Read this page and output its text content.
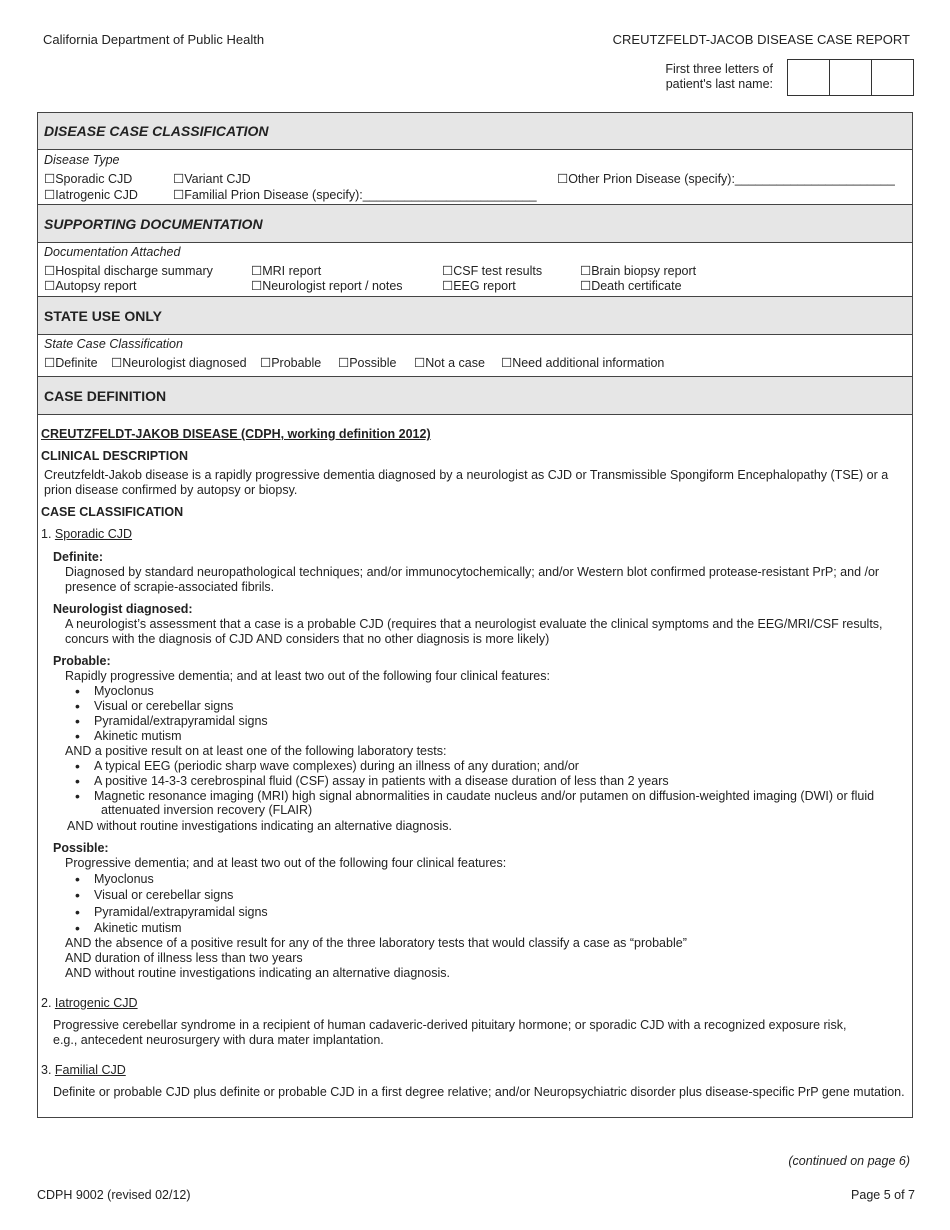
California Department of Public Health	CREUTZFELDT-JACOB DISEASE CASE REPORT
First three letters of
patient's last name:
DISEASE CASE CLASSIFICATION
Disease Type
☐Sporadic CJD	☐Variant CJD	☐Other Prion Disease (specify):_______________________
☐Iatrogenic CJD	☐Familial Prion Disease (specify):_________________________
SUPPORTING DOCUMENTATION
Documentation Attached
☐Hospital discharge summary	☐MRI report	☐CSF test results	☐Brain biopsy report
☐Autopsy report	☐Neurologist report / notes	☐EEG report	☐Death certificate
STATE USE ONLY
State Case Classification
☐Definite ☐Neurologist diagnosed ☐Probable ☐Possible ☐Not a case ☐Need additional information
CASE DEFINITION
CREUTZFELDT-JAKOB DISEASE (CDPH, working definition 2012)
CLINICAL DESCRIPTION
Creutzfeldt-Jakob disease is a rapidly progressive dementia diagnosed by a neurologist as CJD or Transmissible Spongiform Encephalopathy (TSE) or a
prion disease confirmed by autopsy or biopsy.
CASE CLASSIFICATION
1. Sporadic CJD
Definite:
Diagnosed by standard neuropathological techniques; and/or immunocytochemically; and/or Western blot confirmed protease-resistant PrP; and /or
presence of scrapie-associated fibrils.
Neurologist diagnosed:
A neurologist’s assessment that a case is a probable CJD (requires that a neurologist evaluate the clinical symptoms and the EEG/MRI/CSF results,
concurs with the diagnosis of CJD AND considers that no other diagnosis is more likely)
Probable:
Rapidly progressive dementia; and at least two out of the following four clinical features:
• Myoclonus
• Visual or cerebellar signs
• Pyramidal/extrapyramidal signs
• Akinetic mutism
AND a positive result on at least one of the following laboratory tests:
• A typical EEG (periodic sharp wave complexes) during an illness of any duration; and/or
• A positive 14-3-3 cerebrospinal fluid (CSF) assay in patients with a disease duration of less than 2 years
• Magnetic resonance imaging (MRI) high signal abnormalities in caudate nucleus and/or putamen on diffusion-weighted imaging (DWI) or fluid
attenuated inversion recovery (FLAIR)
AND without routine investigations indicating an alternative diagnosis.
Possible:
Progressive dementia; and at least two out of the following four clinical features:
• Myoclonus
• Visual or cerebellar signs
• Pyramidal/extrapyramidal signs
• Akinetic mutism
AND the absence of a positive result for any of the three laboratory tests that would classify a case as “probable”
AND duration of illness less than two years
AND without routine investigations indicating an alternative diagnosis.
2. Iatrogenic CJD
Progressive cerebellar syndrome in a recipient of human cadaveric-derived pituitary hormone; or sporadic CJD with a recognized exposure risk,
e.g., antecedent neurosurgery with dura mater implantation.
3. Familial CJD
Definite or probable CJD plus definite or probable CJD in a first degree relative; and/or Neuropsychiatric disorder plus disease-specific PrP gene mutation.
(continued on page 6)
CDPH 9002 (revised 02/12)	Page 5 of 7
